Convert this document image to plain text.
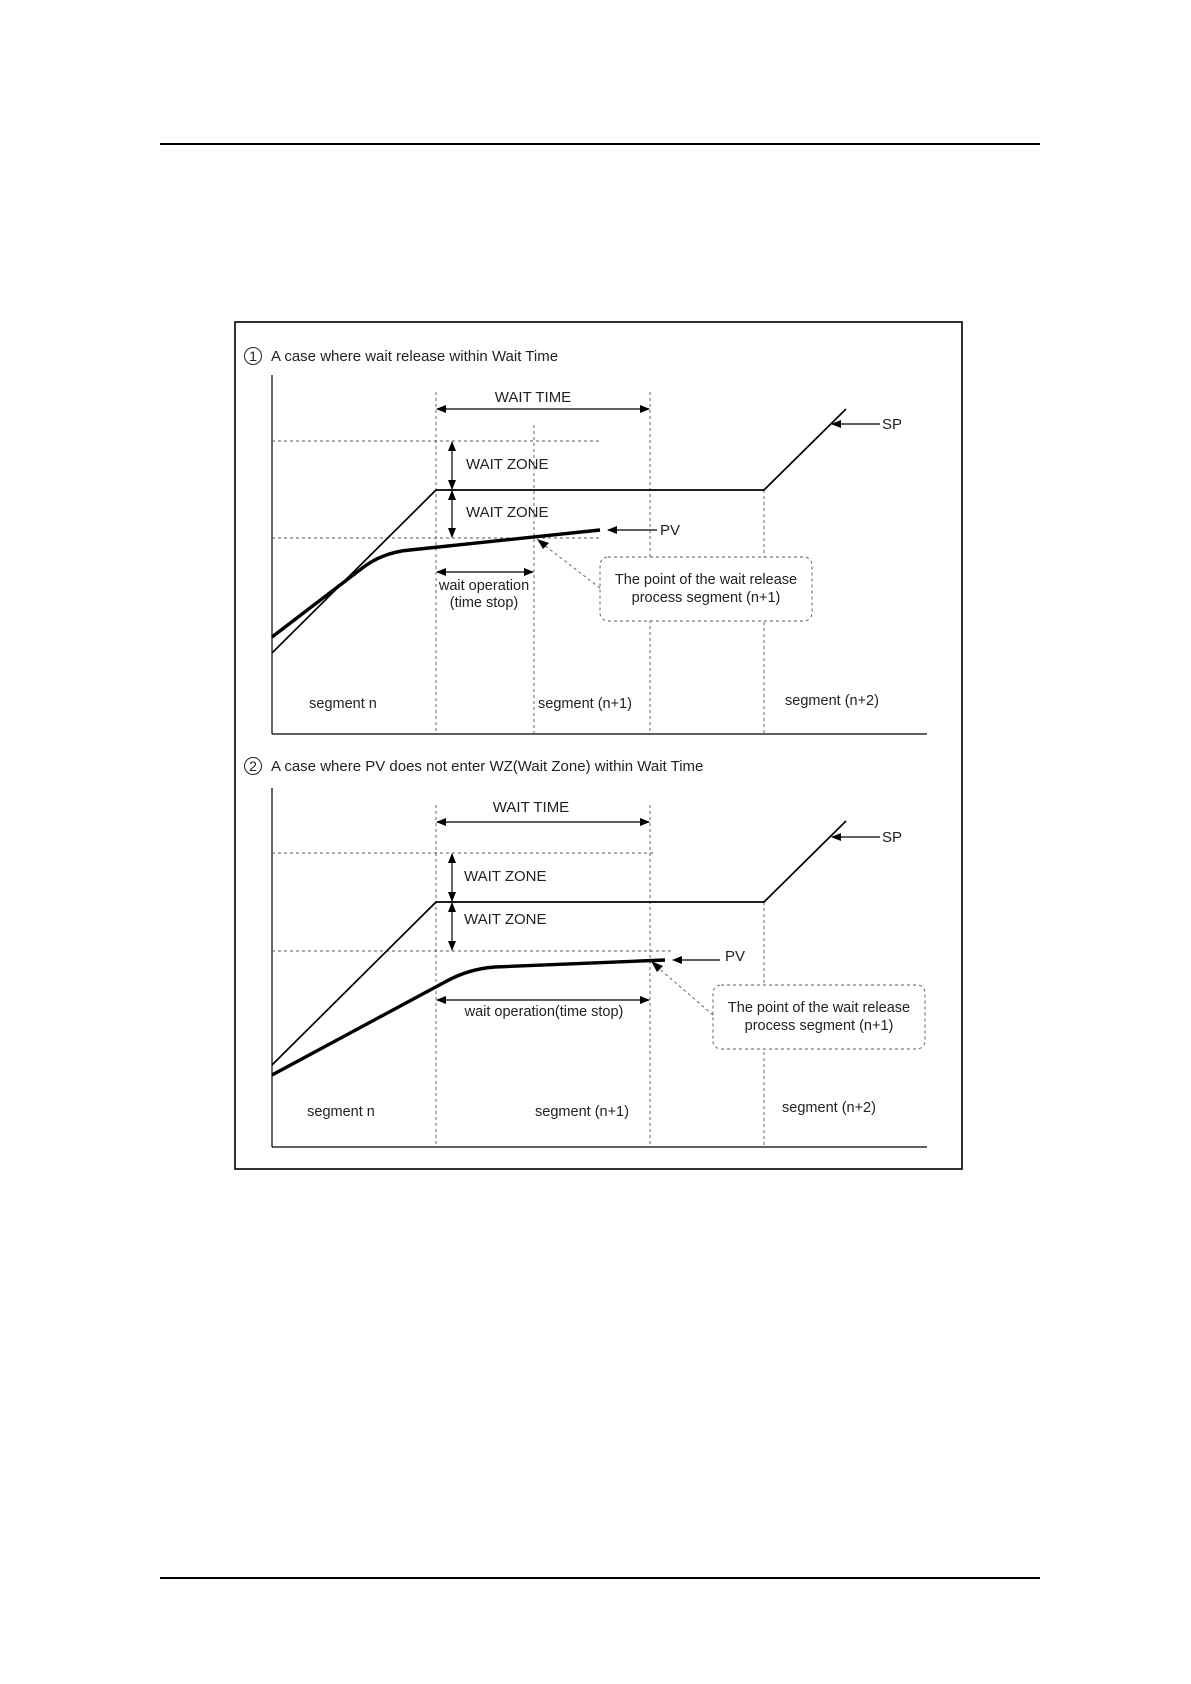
1 A case where wait release within Wait Time
WAIT TIME
WAIT ZONE
WAIT ZONE
SP
PV
wait operation
(time stop)
The point of the wait release
process segment (n+1)
segment n	segment (n+1)	segment (n+2)
2 A case where PV does not enter WZ(Wait Zone) within Wait Time
WAIT TIME
WAIT ZONE
WAIT ZONE
SP
PV
wait operation(time stop)	The point of the wait release
process segment (n+1)
segment n	segment (n+1)	segment (n+2)
